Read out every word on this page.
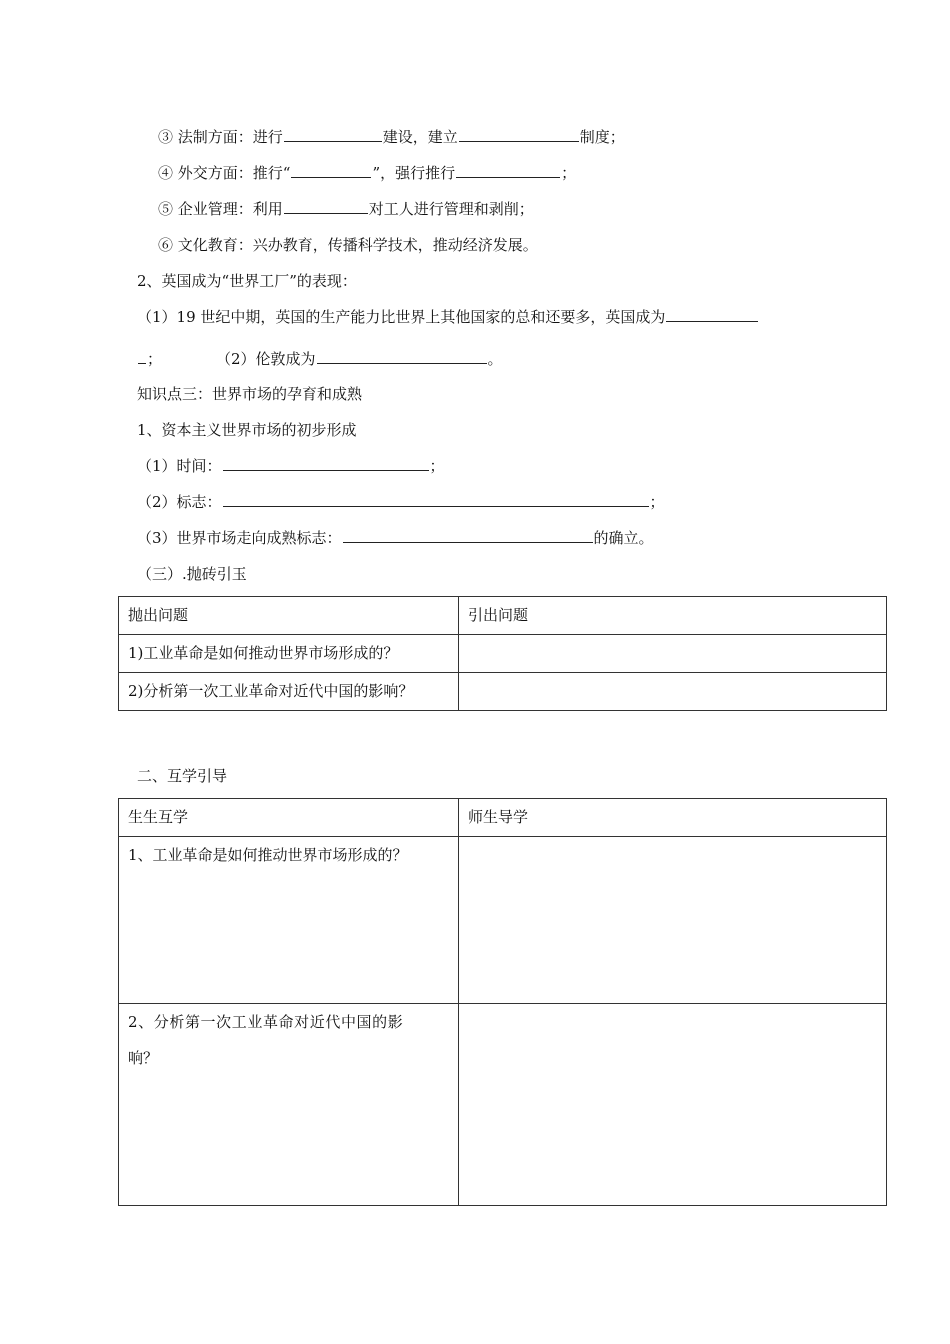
③ 法制方面：进行	建设，建立	制度；
④ 外交方面：推行“	”，强行推行	；
⑤ 企业管理：利用	对工人进行管理和剥削；
⑥ 文化教育：兴办教育，传播科学技术，推动经济发展。
2、英国成为“世界工厂”的表现：
（1）19 世纪中期，英国的生产能力比世界上其他国家的总和还要多，英国成为
；	（2）伦敦成为	。
知识点三：世界市场的孕育和成熟
1、资本主义世界市场的初步形成
（1）时间：	；
（2）标志：	；
（3）世界市场走向成熟标志：	的确立。
（三）.抛砖引玉
抛出问题	引出问题

1)工业革命是如何推动世界市场形成的？	

2)分析第一次工业革命对近代中国的影响？	

二、互学引导
生生互学	师生导学

1、工业革命是如何推动世界市场形成的？	

2、分析第一次工业革命对近代中国的影
响？	
